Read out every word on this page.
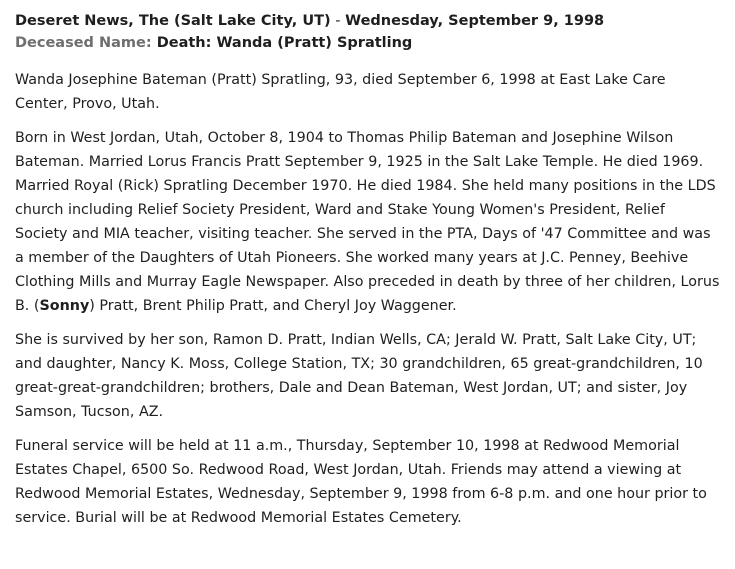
Deseret News, The (Salt Lake City, UT) - Wednesday, September 9, 1998
Deceased Name: Death: Wanda (Pratt) Spratling

Wanda Josephine Bateman (Pratt) Spratling, 93, died September 6, 1998 at East Lake Care Center, Provo, Utah.

Born in West Jordan, Utah, October 8, 1904 to Thomas Philip Bateman and Josephine Wilson Bateman. Married Lorus Francis Pratt September 9, 1925 in the Salt Lake Temple. He died 1969. Married Royal (Rick) Spratling December 1970. He died 1984. She held many positions in the LDS church including Relief Society President, Ward and Stake Young Women's President, Relief Society and MIA teacher, visiting teacher. She served in the PTA, Days of '47 Committee and was a member of the Daughters of Utah Pioneers. She worked many years at J.C. Penney, Beehive Clothing Mills and Murray Eagle Newspaper. Also preceded in death by three of her children, Lorus B. (Sonny) Pratt, Brent Philip Pratt, and Cheryl Joy Waggener.

She is survived by her son, Ramon D. Pratt, Indian Wells, CA; Jerald W. Pratt, Salt Lake City, UT; and daughter, Nancy K. Moss, College Station, TX; 30 grandchildren, 65 great-grandchildren, 10 great-great-grandchildren; brothers, Dale and Dean Bateman, West Jordan, UT; and sister, Joy Samson, Tucson, AZ.

Funeral service will be held at 11 a.m., Thursday, September 10, 1998 at Redwood Memorial Estates Chapel, 6500 So. Redwood Road, West Jordan, Utah. Friends may attend a viewing at Redwood Memorial Estates, Wednesday, September 9, 1998 from 6-8 p.m. and one hour prior to service. Burial will be at Redwood Memorial Estates Cemetery.
